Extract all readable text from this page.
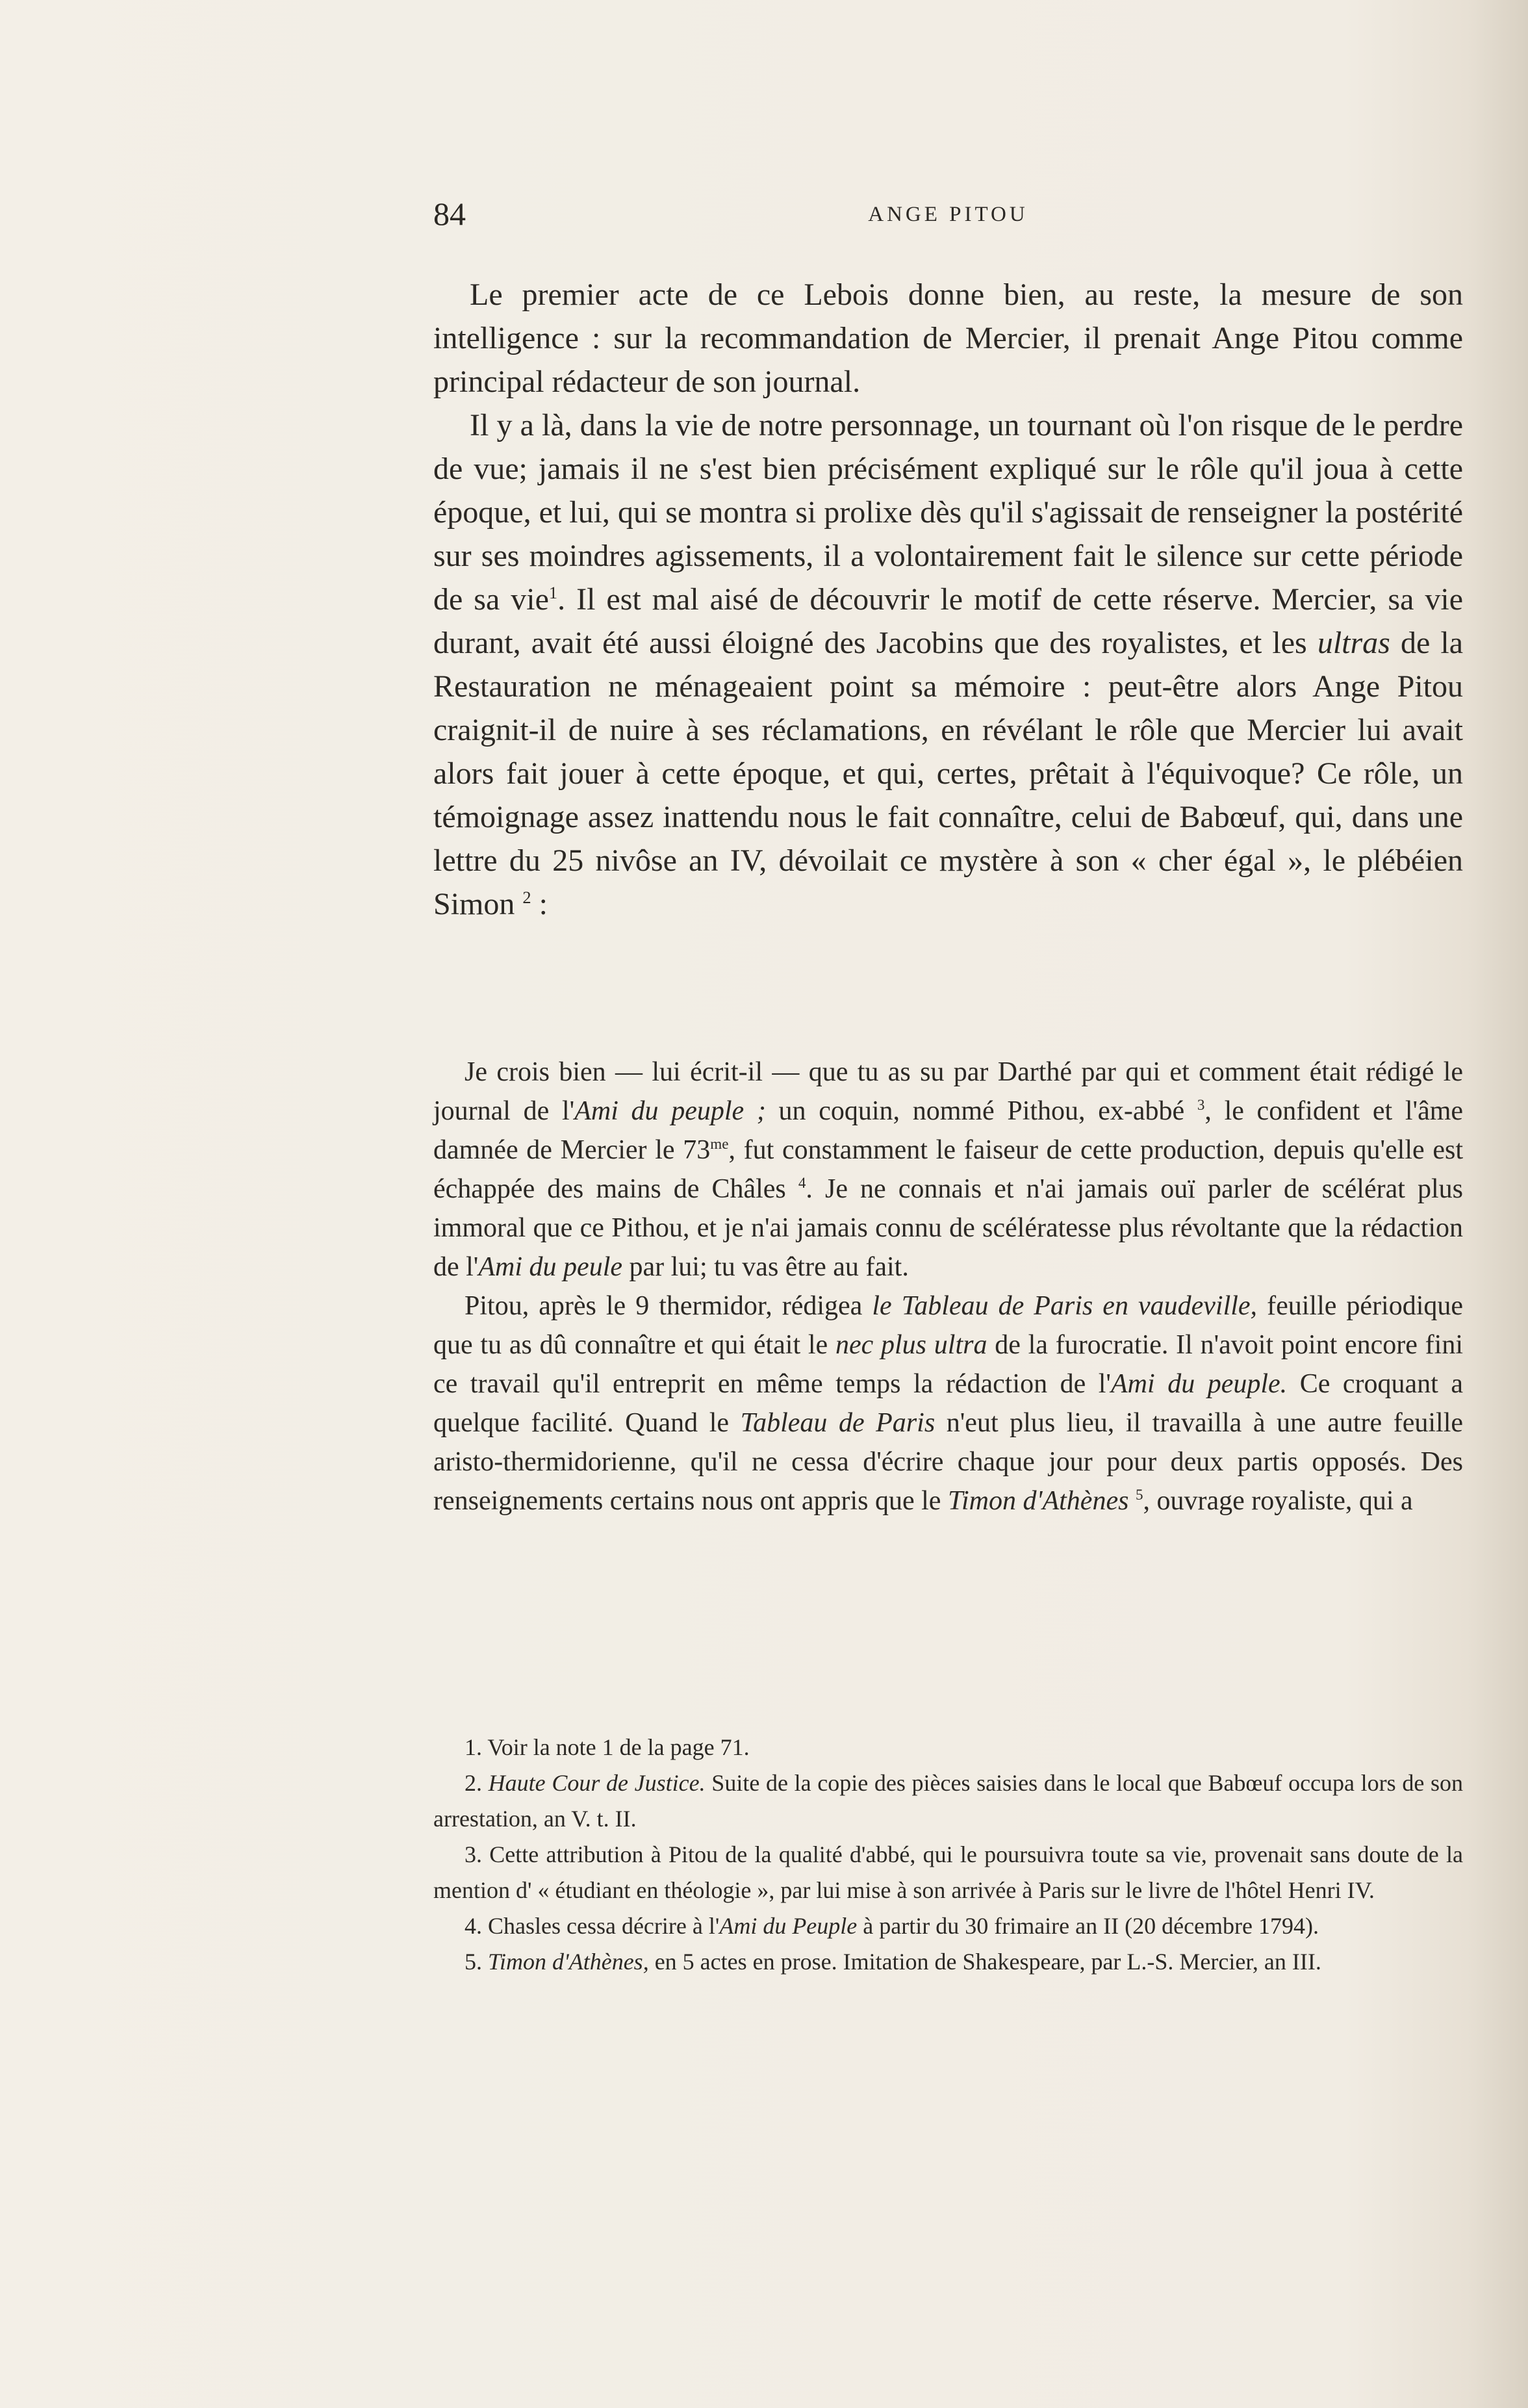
84	ANGE PITOU

Le premier acte de ce Lebois donne bien, au reste, la mesure de son intelligence : sur la recommandation de Mercier, il prenait Ange Pitou comme principal rédacteur de son journal.

Il y a là, dans la vie de notre personnage, un tournant où l'on risque de le perdre de vue; jamais il ne s'est bien précisément expliqué sur le rôle qu'il joua à cette époque, et lui, qui se montra si prolixe dès qu'il s'agissait de renseigner la postérité sur ses moindres agissements, il a volontairement fait le silence sur cette période de sa vie$^1$. Il est mal aisé de découvrir le motif de cette réserve. Mercier, sa vie durant, avait été aussi éloigné des Jacobins que des royalistes, et les ultras de la Restauration ne ménageaient point sa mémoire : peut-être alors Ange Pitou craignit-il de nuire à ses réclamations, en révélant le rôle que Mercier lui avait alors fait jouer à cette époque, et qui, certes, prêtait à l'équivoque? Ce rôle, un témoignage assez inattendu nous le fait connaître, celui de Babœuf, qui, dans une lettre du 25 nivôse an IV, dévoilait ce mystère à son « cher égal », le plébéien Simon $^2$ :

Je crois bien — lui écrit-il — que tu as su par Darthé par qui et comment était rédigé le journal de l'Ami du peuple ; un coquin, nommé Pithou, ex-abbé $^3$, le confident et l'âme damnée de Mercier le $73^{me}$, fut constamment le faiseur de cette production, depuis qu'elle est échappée des mains de Châles $^4$. Je ne connais et n'ai jamais ouï parler de scélérat plus immoral que ce Pithou, et je n'ai jamais connu de scélératesse plus révoltante que la rédaction de l'Ami du peule par lui; tu vas être au fait.

Pitou, après le 9 thermidor, rédigea le Tableau de Paris en vaudeville, feuille périodique que tu as dû connaître et qui était le nec plus ultra de la furocratie. Il n'avoit point encore fini ce travail qu'il entreprit en même temps la rédaction de l'Ami du peuple. Ce croquant a quelque facilité. Quand le Tableau de Paris n'eut plus lieu, il travailla à une autre feuille aristo-thermidorienne, qu'il ne cessa d'écrire chaque jour pour deux partis opposés. Des renseignements certains nous ont appris que le Timon d'Athènes $^5$, ouvrage royaliste, qui a

1. Voir la note 1 de la page 71.

2. Haute Cour de Justice. Suite de la copie des pièces saisies dans le local que Babœuf occupa lors de son arrestation, an V. t. II.

3. Cette attribution à Pitou de la qualité d'abbé, qui le poursuivra toute sa vie, provenait sans doute de la mention d' « étudiant en théologie », par lui mise à son arrivée à Paris sur le livre de l'hôtel Henri IV.

4. Chasles cessa décrire à l'Ami du Peuple à partir du 30 frimaire an II (20 décembre 1794).

5. Timon d'Athènes, en 5 actes en prose. Imitation de Shakespeare, par L.-S. Mercier, an III.
